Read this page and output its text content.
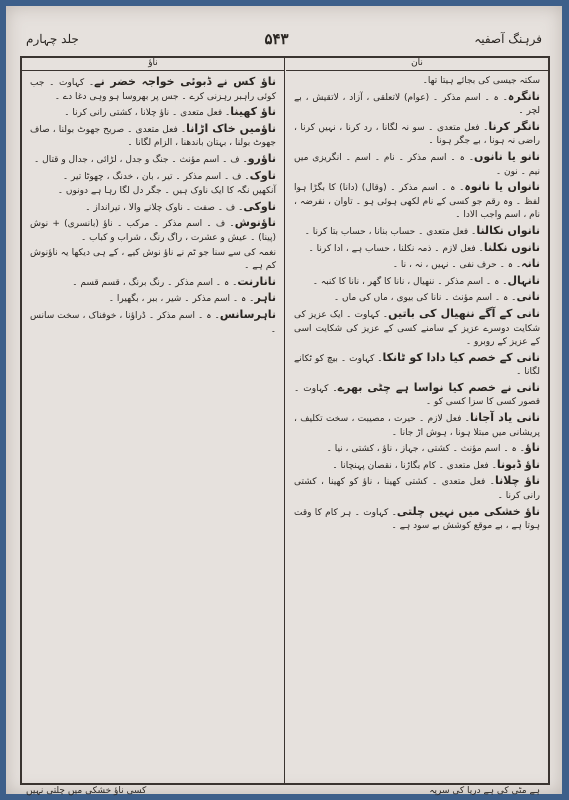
فرہنگ آصفیہ
۵۴۳
جلد چہارم
نان

سکتہ جیسی کی بجائے ہیتا تھا۔

نانگرہ۔ ہ ۔ اسم مذکر ۔ (عوام) لاتعلقی ، آزاد ، لاتقیش ، بے لچر ۔

نانگر کرنا۔ فعل متعدی ۔ سو نہ لگانا ، رد کرنا ، نہیں کرنا ، راضی نہ ہونا ، بے جگر ہونا ۔

نانو یا نانوں۔ ہ ۔ اسم مذکر ۔ نام ۔ اسم ۔ انگریزی میں نیم ۔ نون ۔

نانواں یا نانوہ۔ ہ ۔ اسم مذکر ۔ (وقال) (دانا) کا بگڑا ہوا لفظ ۔ وہ رقم جو کسی کے نام لکھی ہوئی ہو ۔ تاوان ، نفرضہ ، نام ، اسم واجب الادا ۔

نانواں نکالنا۔ فعل متعدی ۔ حساب بنانا ، حساب بتا کرنا ۔

نانوں نکلنا۔ فعل لازم ۔ ذمہ نکلنا ، حساب ہے ، ادا کرنا ۔

نانہ۔ ہ ۔ حرف نفی ۔ نہیں ، نہ ، نا ۔

نانہال۔ ہ ۔ اسم مذکر ۔ ننھیال ، نانا کا گھر ، نانا کا کنبہ ۔

نانی۔ ہ ۔ اسم مؤنث ۔ نانا کی بیوی ، ماں کی ماں ۔

نانی کے آگے ننھیال کی باتیں۔ کہاوت ۔ ایک عزیز کی شکایت دوسرے عزیز کے سامنے کسی کے عزیز کی شکایت اسی کے عزیز کے روبرو ۔

نانی کے خصم کیا دادا کو ٹانکا۔ کہاوت ۔ بیچ کو ٹکانے لگانا ۔

نانی نے خصم کیا نواسا ہے چٹی بھرے۔ کہاوت ۔ قصور کسی کا سزا کسی کو ۔

نانی یاد آجانا۔ فعل لازم ۔ حیرت ، مصیبت ، سخت تکلیف ، پریشانی میں مبتلا ہونا ، ہوش اڑ جانا ۔

ناؤ۔ ہ ۔ اسم مؤنث ۔ کشتی ، جہاز ، ناؤ ، کشتی ، نیا ۔

ناؤ ڈبونا۔ فعل متعدی ۔ کام بگاڑنا ، نقصان پہنچانا ۔

ناؤ چلانا۔ فعل متعدی ۔ کشتی کھینا ، ناؤ کو کھینا ، کشتی رانی کرنا ۔

ناؤ خشکی میں نہیں چلتی۔ کہاوت ۔ ہر کام کا وقت ہوتا ہے ، بے موقع کوشش بے سود ہے ۔

ناؤ

ناؤ کس نے ڈبوئی خواجہ خضر نے۔ کہاوت ۔ جب کوئی راہبر رہزنی کرے ۔ جس پر بھروسا ہو وہی دغا دے ۔

ناؤ کھینا۔ فعل متعدی ۔ ناؤ چلانا ، کشتی رانی کرنا ۔

ناؤمیں خاک اڑانا۔ فعل متعدی ۔ صریح جھوٹ بولنا ، صاف جھوٹ بولنا ، بہتان باندھنا ، الزام لگانا ۔

ناؤرو۔ ف ۔ اسم مؤنث ۔ جنگ و جدل ، لڑائی ، جدال و قتال ۔

ناوک۔ ف ۔ اسم مذکر ۔ تیر ، بان ، خدنگ ، چھوٹا تیر ۔

آنکھیں نگہ کا ایک ناوک ہیں ۔ جگر دل لگا رہا ہے دونوں ۔

ناوکی۔ ف ۔ صفت ۔ ناوک چلانے والا ، تیرانداز ۔

ناؤنوش۔ ف ۔ اسم مذکر ۔ مرکب ۔ ناؤ (بانسری) + نوش (پینا) ۔ عیش و عشرت ، راگ رنگ ، شراب و کباب ۔

نغمہ کی سے سنا جو ٹم نے ناؤ نوش کیے ، کے ہی دیکھا یہ ناؤنوش کم ہے ۔

نانارنت۔ ہ ۔ اسم مذکر ۔ رنگ برنگ ، قسم قسم ۔

ناہر۔ ہ ۔ اسم مذکر ۔ شیر ، ببر ، بگھیرا ۔

ناہرسانس۔ ہ ۔ اسم مذکر ۔ ڈراؤنا ، خوفناک ، سخت سانس ۔

ہے مٹی کی ہے دریا کی سرپہ
کسی ناؤ خشکی میں چلتی نہیں
